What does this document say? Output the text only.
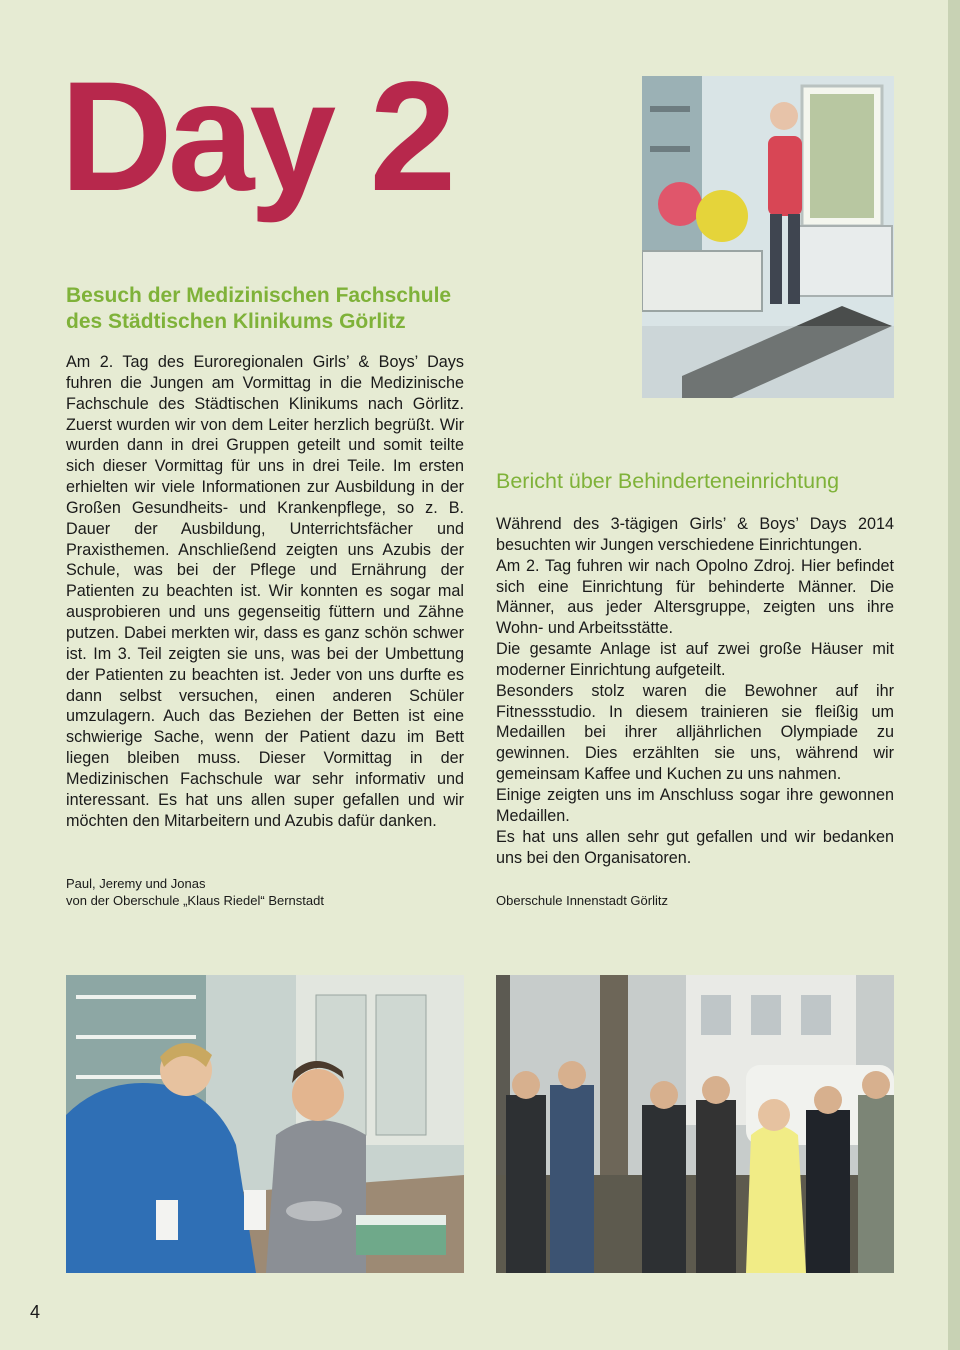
Day 2
Besuch der Medizinischen Fachschule des Städtischen Klinikums Görlitz

Am 2. Tag des Euroregionalen Girls’ & Boys’ Days fuhren die Jungen am Vormittag in die Medizinische Fachschule des Städtischen Klinikums nach Görlitz. Zuerst wurden wir von dem Leiter herzlich begrüßt. Wir wurden dann in drei Gruppen geteilt und somit teilte sich dieser Vormittag für uns in drei Teile. Im ersten erhielten wir viele Informationen zur Ausbildung in der Großen Gesundheits- und Krankenpflege, so z. B. Dauer der Ausbildung, Unterrichtsfächer und Praxisthemen. Anschließend zeigten uns Azubis der Schule, was bei der Pflege und Ernährung der Patienten zu beachten ist. Wir konnten es sogar mal ausprobieren und uns gegenseitig füttern und Zähne putzen. Dabei merkten wir, dass es ganz schön schwer ist. Im 3. Teil zeigten sie uns, was bei der Umbettung der Patienten zu beachten ist. Jeder von uns durfte es dann selbst versuchen, einen anderen Schüler umzulagern. Auch das Beziehen der Betten ist eine schwierige Sache, wenn der Patient dazu im Bett liegen bleiben muss. Dieser Vormittag in der Medizinischen Fachschule war sehr informativ und interessant. Es hat uns allen super gefallen und wir möchten den Mitarbeitern und Azubis dafür danken.

Paul, Jeremy und Jonas
von der Oberschule „Klaus Riedel“ Bernstadt
Bericht über Behinderteneinrichtung

Während des 3-tägigen Girls’ & Boys’ Days 2014 besuchten wir Jungen verschiedene Einrichtungen.

Am 2. Tag fuhren wir nach Opolno Zdroj. Hier befindet sich eine Einrichtung für behinderte Männer. Die Männer, aus jeder Altersgruppe, zeigten uns ihre Wohn- und Arbeitsstätte.

Die gesamte Anlage ist auf zwei große Häuser mit moderner Einrichtung aufgeteilt.

Besonders stolz waren die Bewohner auf ihr Fitnessstudio. In diesem trainieren sie fleißig um Medaillen bei ihrer alljährlichen Olympiade zu gewinnen. Dies erzählten sie uns, während wir gemeinsam Kaffee und Kuchen zu uns nahmen.

Einige zeigten uns im Anschluss sogar ihre gewonnen Medaillen.

Es hat uns allen sehr gut gefallen und wir bedanken uns bei den Organisatoren.

Oberschule Innenstadt Görlitz
4
